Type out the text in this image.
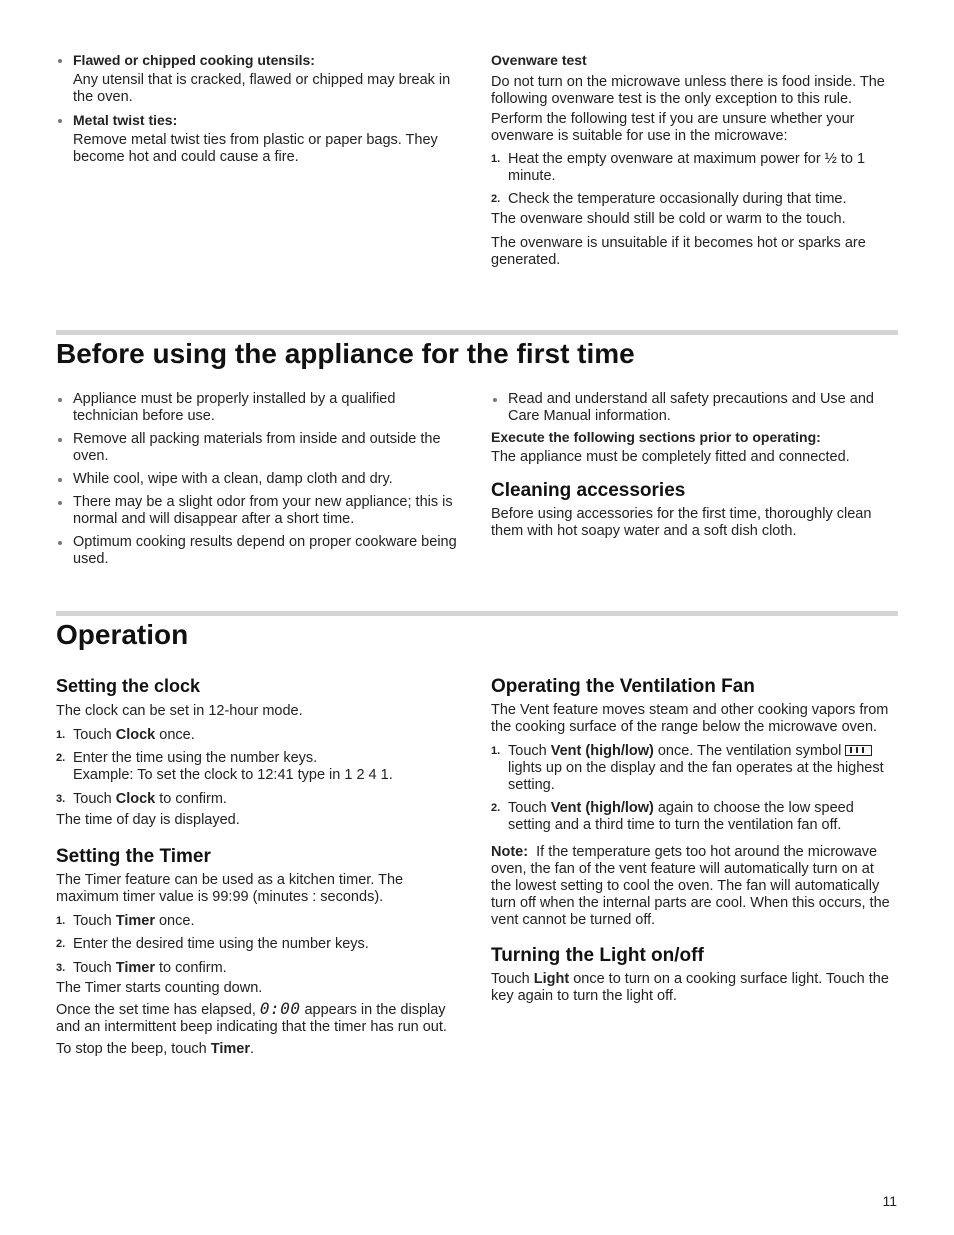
Flawed or chipped cooking utensils:

Any utensil that is cracked, flawed or chipped may break in the oven.

Metal twist ties:

Remove metal twist ties from plastic or paper bags. They become hot and could cause a fire.

Ovenware test

Do not turn on the microwave unless there is food inside. The following ovenware test is the only exception to this rule.

Perform the following test if you are unsure whether your ovenware is suitable for use in the microwave:

1. Heat the empty ovenware at maximum power for ½ to 1 minute.
2. Check the temperature occasionally during that time.

The ovenware should still be cold or warm to the touch.

The ovenware is unsuitable if it becomes hot or sparks are generated.

Before using the appliance for the first time
Appliance must be properly installed by a qualified technician before use.
Remove all packing materials from inside and outside the oven.
While cool, wipe with a clean, damp cloth and dry.
There may be a slight odor from your new appliance; this is normal and will disappear after a short time.
Optimum cooking results depend on proper cookware being used.
Read and understand all safety precautions and Use and Care Manual information.

Execute the following sections prior to operating:

The appliance must be completely fitted and connected.

Cleaning accessories

Before using accessories for the first time, thoroughly clean them with hot soapy water and a soft dish cloth.

Operation

Setting the clock

The clock can be set in 12-hour mode.

1. Touch Clock once.
2. Enter the time using the number keys.
Example: To set the clock to 12:41 type in 1 2 4 1.
3. Touch Clock to confirm.

The time of day is displayed.

Setting the Timer

The Timer feature can be used as a kitchen timer. The maximum timer value is 99:99 (minutes : seconds).

1. Touch Timer once.
2. Enter the desired time using the number keys.
3. Touch Timer to confirm.

The Timer starts counting down.

Once the set time has elapsed, 0:00 appears in the display and an intermittent beep indicating that the timer has run out.

To stop the beep, touch Timer.

Operating the Ventilation Fan

The Vent feature moves steam and other cooking vapors from the cooking surface of the range below the microwave oven.

1. Touch Vent (high/low) once. The ventilation symbol
lights up on the display and the fan operates at the highest setting.
2. Touch Vent (high/low) again to choose the low speed setting and a third time to turn the ventilation fan off.

Note: If the temperature gets too hot around the microwave oven, the fan of the vent feature will automatically turn on at the lowest setting to cool the oven. The fan will automatically turn off when the internal parts are cool. When this occurs, the vent cannot be turned off.

Turning the Light on/off

Touch Light once to turn on a cooking surface light. Touch the key again to turn the light off.

11
